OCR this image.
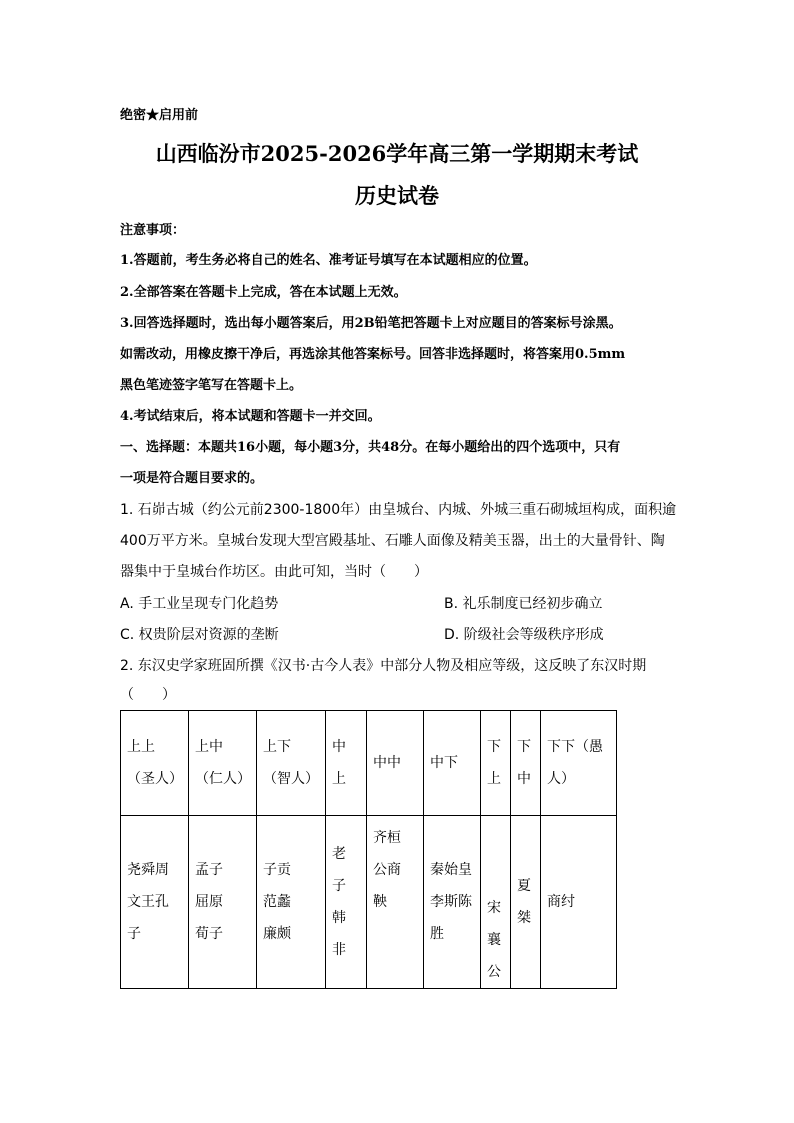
绝密★启用前
山西临汾市2025-2026学年高三第一学期期末考试
历史试卷
注意事项：
1.答题前，考生务必将自己的姓名、准考证号填写在本试题相应的位置。
2.全部答案在答题卡上完成，答在本试题上无效。
3.回答选择题时，选出每小题答案后，用2B铅笔把答题卡上对应题目的答案标号涂黑。
如需改动，用橡皮擦干净后，再选涂其他答案标号。回答非选择题时，将答案用0.5mm
黑色笔迹签字笔写在答题卡上。
4.考试结束后，将本试题和答题卡一并交回。
一、选择题：本题共16小题，每小题3分，共48分。在每小题给出的四个选项中，只有
一项是符合题目要求的。
1. 石峁古城（约公元前2300-1800年）由皇城台、内城、外城三重石砌城垣构成，面积逾
400万平方米。皇城台发现大型宫殿基址、石雕人面像及精美玉器，出土的大量骨针、陶
器集中于皇城台作坊区。由此可知，当时（　　）
A. 手工业呈现专门化趋势	B. 礼乐制度已经初步确立
C. 权贵阶层对资源的垄断	D. 阶级社会等级秩序形成
2. 东汉史学家班固所撰《汉书·古今人表》中部分人物及相应等级，这反映了东汉时期
（　　）
上上（圣人）	上中（仁人）	上下（智人）	中上	中中	中下	下上	下中	下下（愚人）

尧舜周文王孔子	孟子屈原荀子	子贡范蠡廉颇	老子韩非	齐桓公商鞅	秦始皇李斯陈胜	宋襄公	夏桀	商纣
